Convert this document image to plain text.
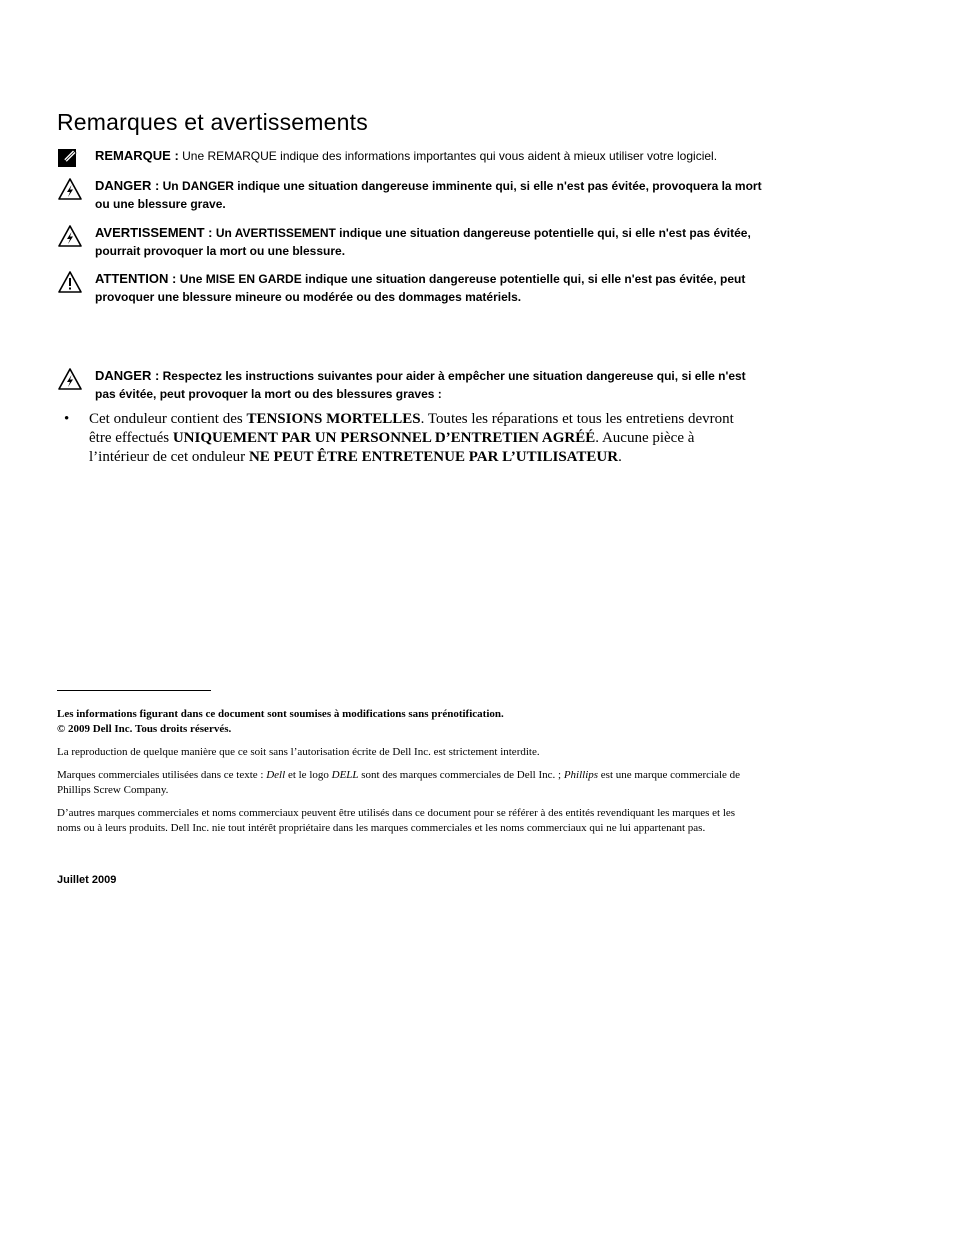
Remarques et avertissements
REMARQUE : Une REMARQUE indique des informations importantes qui vous aident à mieux utiliser votre logiciel.
DANGER : Un DANGER indique une situation dangereuse imminente qui, si elle n'est pas évitée, provoquera la mort ou une blessure grave.
AVERTISSEMENT : Un AVERTISSEMENT indique une situation dangereuse potentielle qui, si elle n'est pas évitée, pourrait provoquer la mort ou une blessure.
ATTENTION : Une MISE EN GARDE indique une situation dangereuse potentielle qui, si elle n'est pas évitée, peut provoquer une blessure mineure ou modérée ou des dommages matériels.
DANGER : Respectez les instructions suivantes pour aider à empêcher une situation dangereuse qui, si elle n'est pas évitée, peut provoquer la mort ou des blessures graves :
• Cet onduleur contient des TENSIONS MORTELLES. Toutes les réparations et tous les entretiens devront être effectués UNIQUEMENT PAR UN PERSONNEL D’ENTRETIEN AGRÉÉ. Aucune pièce à l’intérieur de cet onduleur NE PEUT ÊTRE ENTRETENUE PAR L’UTILISATEUR.

Les informations figurant dans ce document sont soumises à modifications sans prénotification.

© 2009 Dell Inc. Tous droits réservés.

La reproduction de quelque manière que ce soit sans l’autorisation écrite de Dell Inc. est strictement interdite.

Marques commerciales utilisées dans ce texte : Dell et le logo DELL sont des marques commerciales de Dell Inc. ; Phillips est une marque commerciale de Phillips Screw Company.

D’autres marques commerciales et noms commerciaux peuvent être utilisés dans ce document pour se référer à des entités revendiquant les marques et les noms ou à leurs produits. Dell Inc. nie tout intérêt propriétaire dans les marques commerciales et les noms commerciaux qui ne lui appartenant pas.

Juillet 2009
